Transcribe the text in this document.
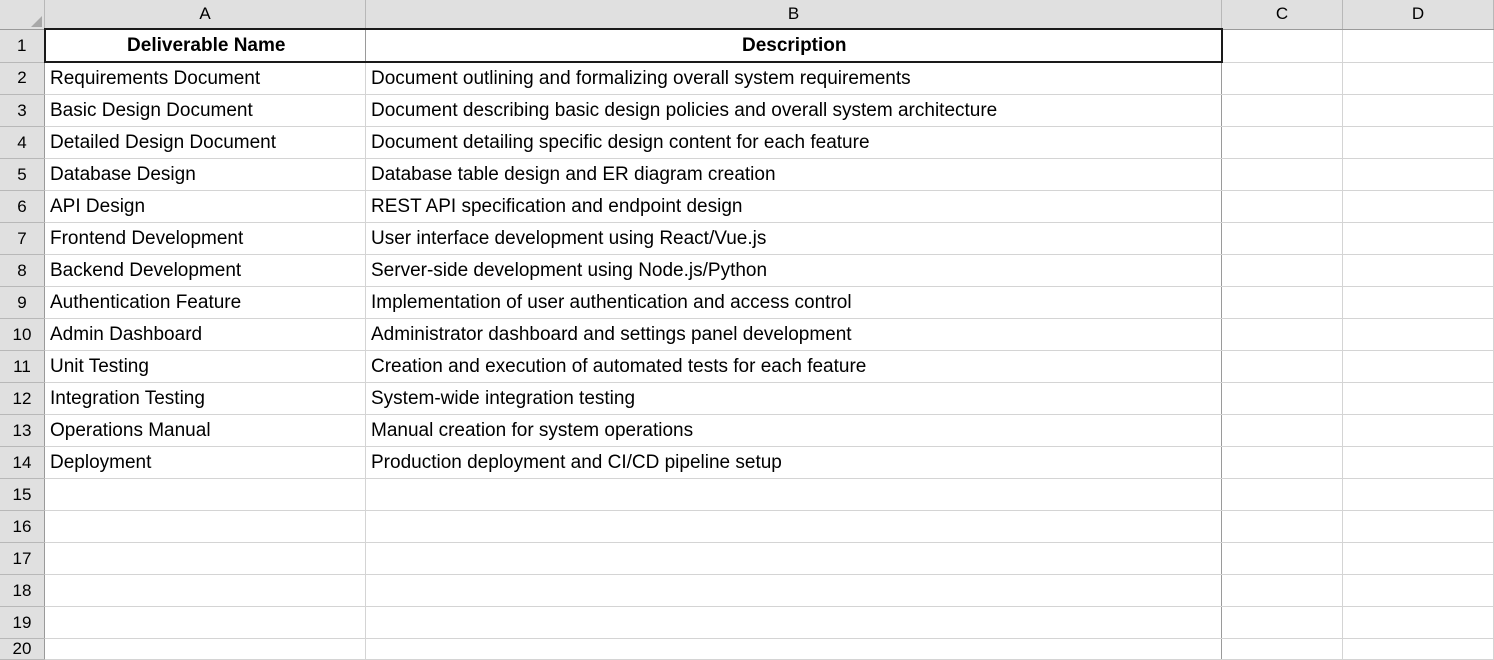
	A	B	C	D
1	Deliverable Name	Description		
2	Requirements Document	Document outlining and formalizing overall system requirements		
3	Basic Design Document	Document describing basic design policies and overall system architecture		
4	Detailed Design Document	Document detailing specific design content for each feature		
5	Database Design	Database table design and ER diagram creation		
6	API Design	REST API specification and endpoint design		
7	Frontend Development	User interface development using React/Vue.js		
8	Backend Development	Server-side development using Node.js/Python		
9	Authentication Feature	Implementation of user authentication and access control		
10	Admin Dashboard	Administrator dashboard and settings panel development		
11	Unit Testing	Creation and execution of automated tests for each feature		
12	Integration Testing	System-wide integration testing		
13	Operations Manual	Manual creation for system operations		
14	Deployment	Production deployment and CI/CD pipeline setup		
15				
16				
17				
18				
19				
20				
